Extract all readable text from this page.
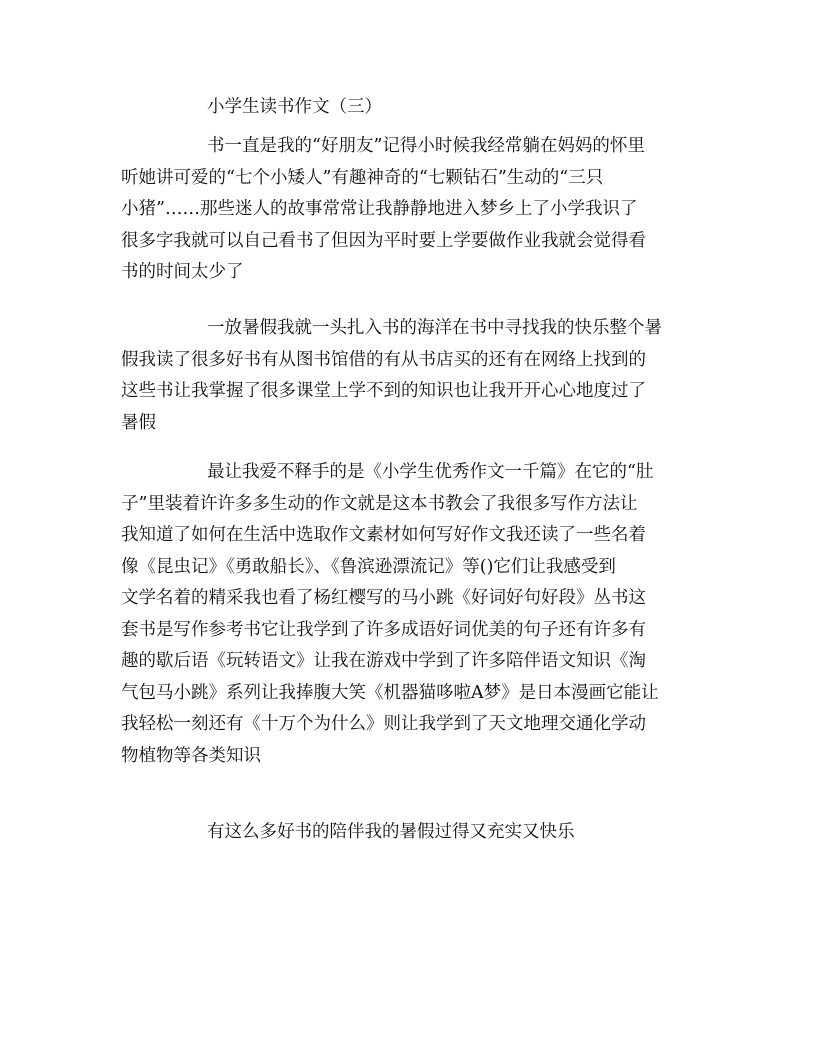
小学生读书作文（三）
书一直是我的“好朋友”记得小时候我经常躺在妈妈的怀里
听她讲可爱的“七个小矮人”有趣神奇的“七颗钻石”生动的“三只
小猪”……那些迷人的故事常常让我静静地进入梦乡上了小学我识了
很多字我就可以自己看书了但因为平时要上学要做作业我就会觉得看
书的时间太少了
一放暑假我就一头扎入书的海洋在书中寻找我的快乐整个暑
假我读了很多好书有从图书馆借的有从书店买的还有在网络上找到的
这些书让我掌握了很多课堂上学不到的知识也让我开开心心地度过了
暑假
最让我爱不释手的是《小学生优秀作文一千篇》在它的“肚
子”里装着许许多多生动的作文就是这本书教会了我很多写作方法让
我知道了如何在生活中选取作文素材如何写好作文我还读了一些名着
像《昆虫记》《勇敢船长》、《鲁滨逊漂流记》等()它们让我感受到
文学名着的精采我也看了杨红樱写的马小跳《好词好句好段》丛书这
套书是写作参考书它让我学到了许多成语好词优美的句子还有许多有
趣的歇后语《玩转语文》让我在游戏中学到了许多陪伴语文知识《淘
气包马小跳》系列让我捧腹大笑《机器猫哆啦A梦》是日本漫画它能让
我轻松一刻还有《十万个为什么》则让我学到了天文地理交通化学动
物植物等各类知识
有这么多好书的陪伴我的暑假过得又充实又快乐
